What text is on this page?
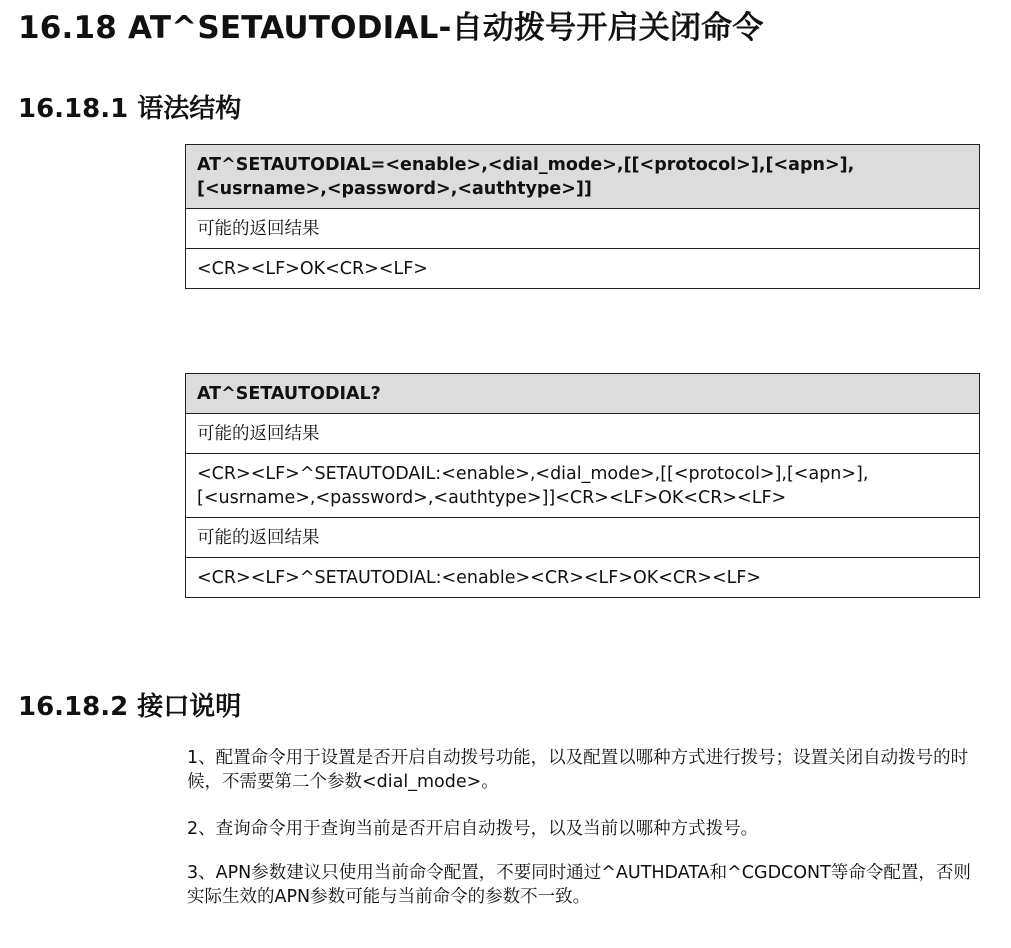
16.18 AT^SETAUTODIAL-自动拨号开启关闭命令
16.18.1 语法结构
AT^SETAUTODIAL=<enable>,<dial_mode>,[[<protocol>],[<apn>],[<usrname>,<password>,<authtype>]]
可能的返回结果
<CR><LF>OK<CR><LF>
AT^SETAUTODIAL?
可能的返回结果
<CR><LF>^SETAUTODAIL:<enable>,<dial_mode>,[[<protocol>],[<apn>],[<usrname>,<password>,<authtype>]]<CR><LF>OK<CR><LF>
可能的返回结果
<CR><LF>^SETAUTODIAL:<enable><CR><LF>OK<CR><LF>
16.18.2 接口说明

1、配置命令用于设置是否开启自动拨号功能，以及配置以哪种方式进行拨号；设置关闭自动拨号的时候，不需要第二个参数<dial_mode>。

2、查询命令用于查询当前是否开启自动拨号，以及当前以哪种方式拨号。

3、APN参数建议只使用当前命令配置，不要同时通过^AUTHDATA和^CGDCONT等命令配置，否则实际生效的APN参数可能与当前命令的参数不一致。
